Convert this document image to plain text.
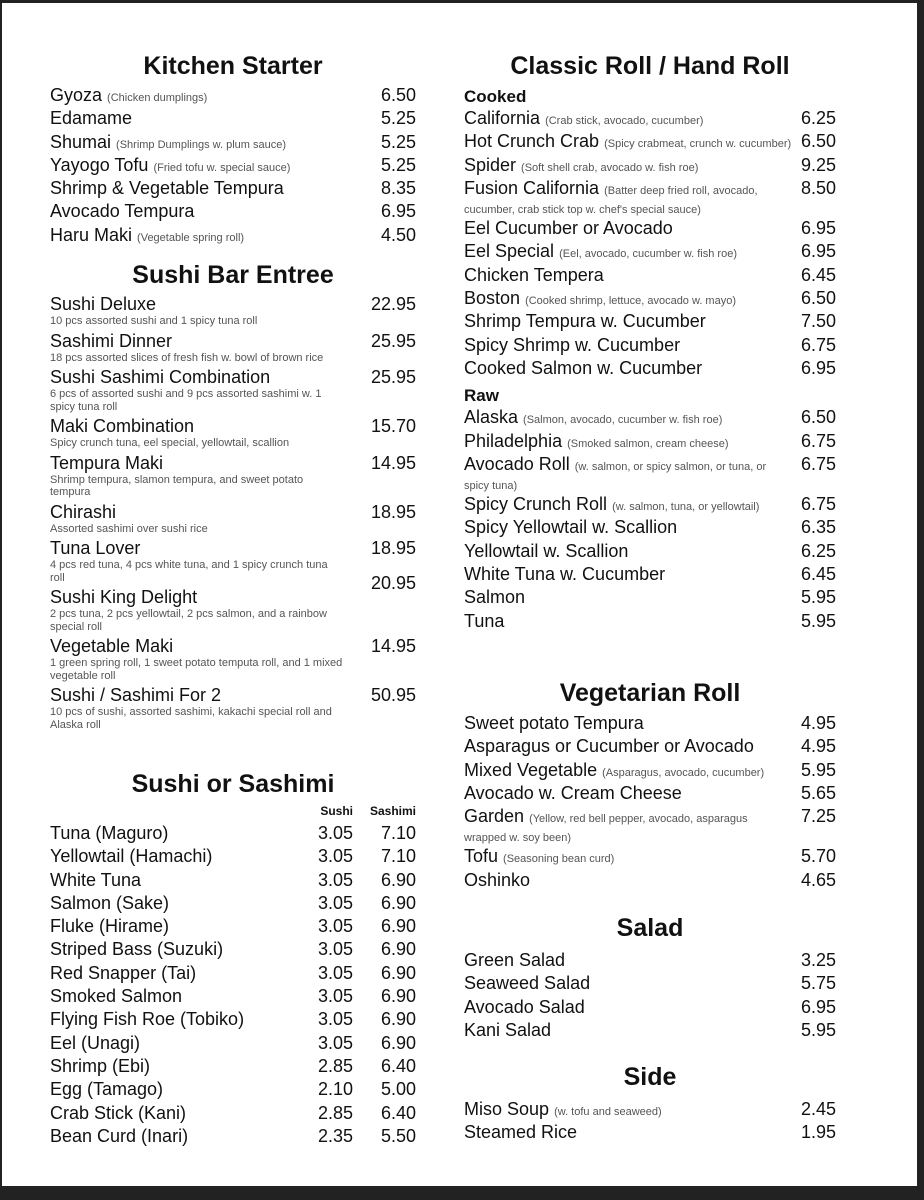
Kitchen Starter
Gyoza (Chicken dumplings)	6.50
Edamame	5.25
Shumai (Shrimp Dumplings w. plum sauce)	5.25
Yayogo Tofu (Fried tofu w. special sauce)	5.25
Shrimp & Vegetable Tempura	8.35
Avocado Tempura	6.95
Haru Maki (Vegetable spring roll)	4.50
Sushi Bar Entree
Sushi Deluxe
10 pcs assorted sushi and 1 spicy tuna roll
22.95
Sashimi Dinner
18 pcs assorted slices of fresh fish w. bowl of brown rice
25.95
Sushi Sashimi Combination
6 pcs of assorted sushi and 9 pcs assorted sashimi w. 1 spicy tuna roll
25.95
Maki Combination
Spicy crunch tuna, eel special, yellowtail, scallion
15.70
Tempura Maki
Shrimp tempura, slamon tempura, and sweet potato tempura
14.95
Chirashi
Assorted sashimi over sushi rice
18.95
Tuna Lover
4 pcs red tuna, 4 pcs white tuna, and 1 spicy crunch tuna roll
18.95
Sushi King Delight
2 pcs tuna, 2 pcs yellowtail, 2 pcs salmon, and a rainbow special roll
20.95
Vegetable Maki
1 green spring roll, 1 sweet potato temputa roll, and 1 mixed vegetable roll
14.95
Sushi / Sashimi For 2
10 pcs of sushi, assorted sashimi, kakachi special roll and Alaska roll
50.95
Sushi or Sashimi
Sushi	Sashimi
Tuna (Maguro)	3.05	7.10
Yellowtail (Hamachi)	3.05	7.10
White Tuna	3.05	6.90
Salmon (Sake)	3.05	6.90
Fluke (Hirame)	3.05	6.90
Striped Bass (Suzuki)	3.05	6.90
Red Snapper (Tai)	3.05	6.90
Smoked Salmon	3.05	6.90
Flying Fish Roe (Tobiko)	3.05	6.90
Eel (Unagi)	3.05	6.90
Shrimp (Ebi)	2.85	6.40
Egg (Tamago)	2.10	5.00
Crab Stick (Kani)	2.85	6.40
Bean Curd (Inari)	2.35	5.50
Classic Roll / Hand Roll
Cooked
California (Crab stick, avocado, cucumber)	6.25
Hot Crunch Crab (Spicy crabmeat, crunch w. cucumber) 6.50
Spider (Soft shell crab, avocado w. fish roe)	9.25
Fusion California (Batter deep fried roll, avocado, cucumber, crab stick top w. chef's special sauce)
8.50
Eel Cucumber or Avocado	6.95
Eel Special (Eel, avocado, cucumber w. fish roe)	6.95
Chicken Tempera	6.45
Boston (Cooked shrimp, lettuce, avocado w. mayo)	6.50
Shrimp Tempura w. Cucumber	7.50
Spicy Shrimp w. Cucumber	6.75
Cooked Salmon w. Cucumber	6.95
Raw
Alaska (Salmon, avocado, cucumber w. fish roe)	6.50
Philadelphia (Smoked salmon, cream cheese)	6.75
Avocado Roll (w. salmon, or spicy salmon, or tuna, or spicy tuna)
6.75
Spicy Crunch Roll (w. salmon, tuna, or yellowtail)	6.75
Spicy Yellowtail w. Scallion	6.35
Yellowtail w. Scallion	6.25
White Tuna w. Cucumber	6.45
Salmon	5.95
Tuna	5.95
Vegetarian Roll
Sweet potato Tempura	4.95
Asparagus or Cucumber or Avocado	4.95
Mixed Vegetable (Asparagus, avocado, cucumber)	5.95
Avocado w. Cream Cheese	5.65
Garden (Yellow, red bell pepper, avocado, asparagus wrapped w. soy been)
7.25
Tofu (Seasoning bean curd)	5.70
Oshinko	4.65
Salad
Green Salad	3.25
Seaweed Salad	5.75
Avocado Salad	6.95
Kani Salad	5.95
Side
Miso Soup (w. tofu and seaweed)	2.45
Steamed Rice	1.95
